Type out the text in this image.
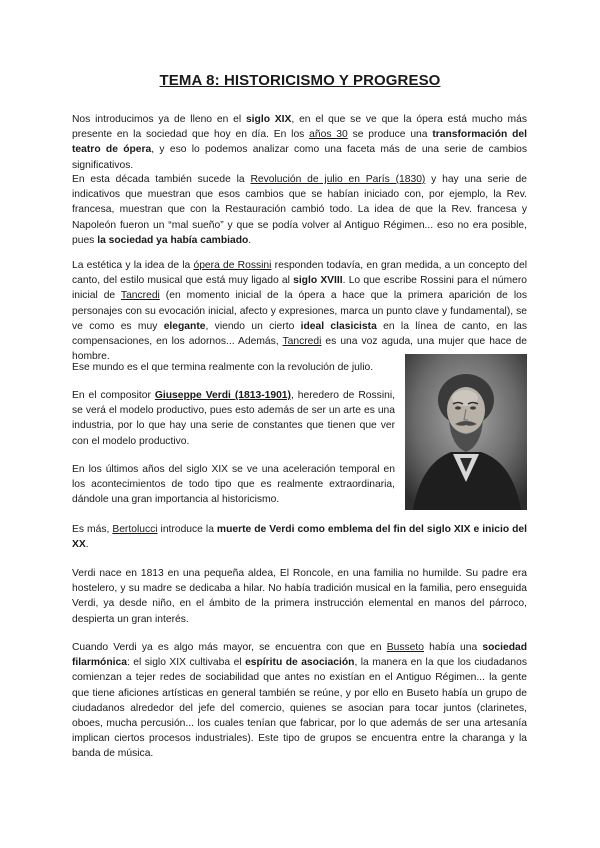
TEMA 8: HISTORICISMO Y PROGRESO

Nos introducimos ya de lleno en el siglo XIX, en el que se ve que la ópera está mucho más presente en la sociedad que hoy en día. En los años 30 se produce una transformación del teatro de ópera, y eso lo podemos analizar como una faceta más de una serie de cambios significativos.

En esta década también sucede la Revolución de julio en París (1830) y hay una serie de indicativos que muestran que esos cambios que se habían iniciado con, por ejemplo, la Rev. francesa, muestran que con la Restauración cambió todo. La idea de que la Rev. francesa y Napoleón fueron un “mal sueño” y que se podía volver al Antiguo Régimen... eso no era posible, pues la sociedad ya había cambiado.

La estética y la idea de la ópera de Rossini responden todavía, en gran medida, a un concepto del canto, del estilo musical que está muy ligado al siglo XVIII. Lo que escribe Rossini para el número inicial de Tancredi (en momento inicial de la ópera a hace que la primera aparición de los personajes con su evocación inicial, afecto y expresiones, marca un punto clave y fundamental), se ve como es muy elegante, viendo un cierto ideal clasicista en la línea de canto, en las compensaciones, en los adornos... Además, Tancredi es una voz aguda, una mujer que hace de hombre.

Ese mundo es el que termina realmente con la revolución de julio.

En el compositor Giuseppe Verdi (1813-1901), heredero de Rossini, se verá el modelo productivo, pues esto además de ser un arte es una industria, por lo que hay una serie de constantes que tienen que ver con el modelo productivo.

En los últimos años del siglo XIX se ve una aceleración temporal en los acontecimientos de todo tipo que es realmente extraordinaria, dándole una gran importancia al historicismo.

Es más, Bertolucci introduce la muerte de Verdi como emblema del fin del siglo XIX e inicio del XX.

Verdi nace en 1813 en una pequeña aldea, El Roncole, en una familia no humilde. Su padre era hostelero, y su madre se dedicaba a hilar. No había tradición musical en la familia, pero enseguida Verdi, ya desde niño, en el ámbito de la primera instrucción elemental en manos del párroco, despierta un gran interés.

Cuando Verdi ya es algo más mayor, se encuentra con que en Busseto había una sociedad filarmónica: el siglo XIX cultivaba el espíritu de asociación, la manera en la que los ciudadanos comienzan a tejer redes de sociabilidad que antes no existían en el Antiguo Régimen... la gente que tiene aficiones artísticas en general también se reúne, y por ello en Buseto había un grupo de ciudadanos alrededor del jefe del comercio, quienes se asocian para tocar juntos (clarinetes, oboes, mucha percusión... los cuales tenían que fabricar, por lo que además de ser una artesanía implican ciertos procesos industriales). Este tipo de grupos se encuentra entre la charanga y la banda de música.
